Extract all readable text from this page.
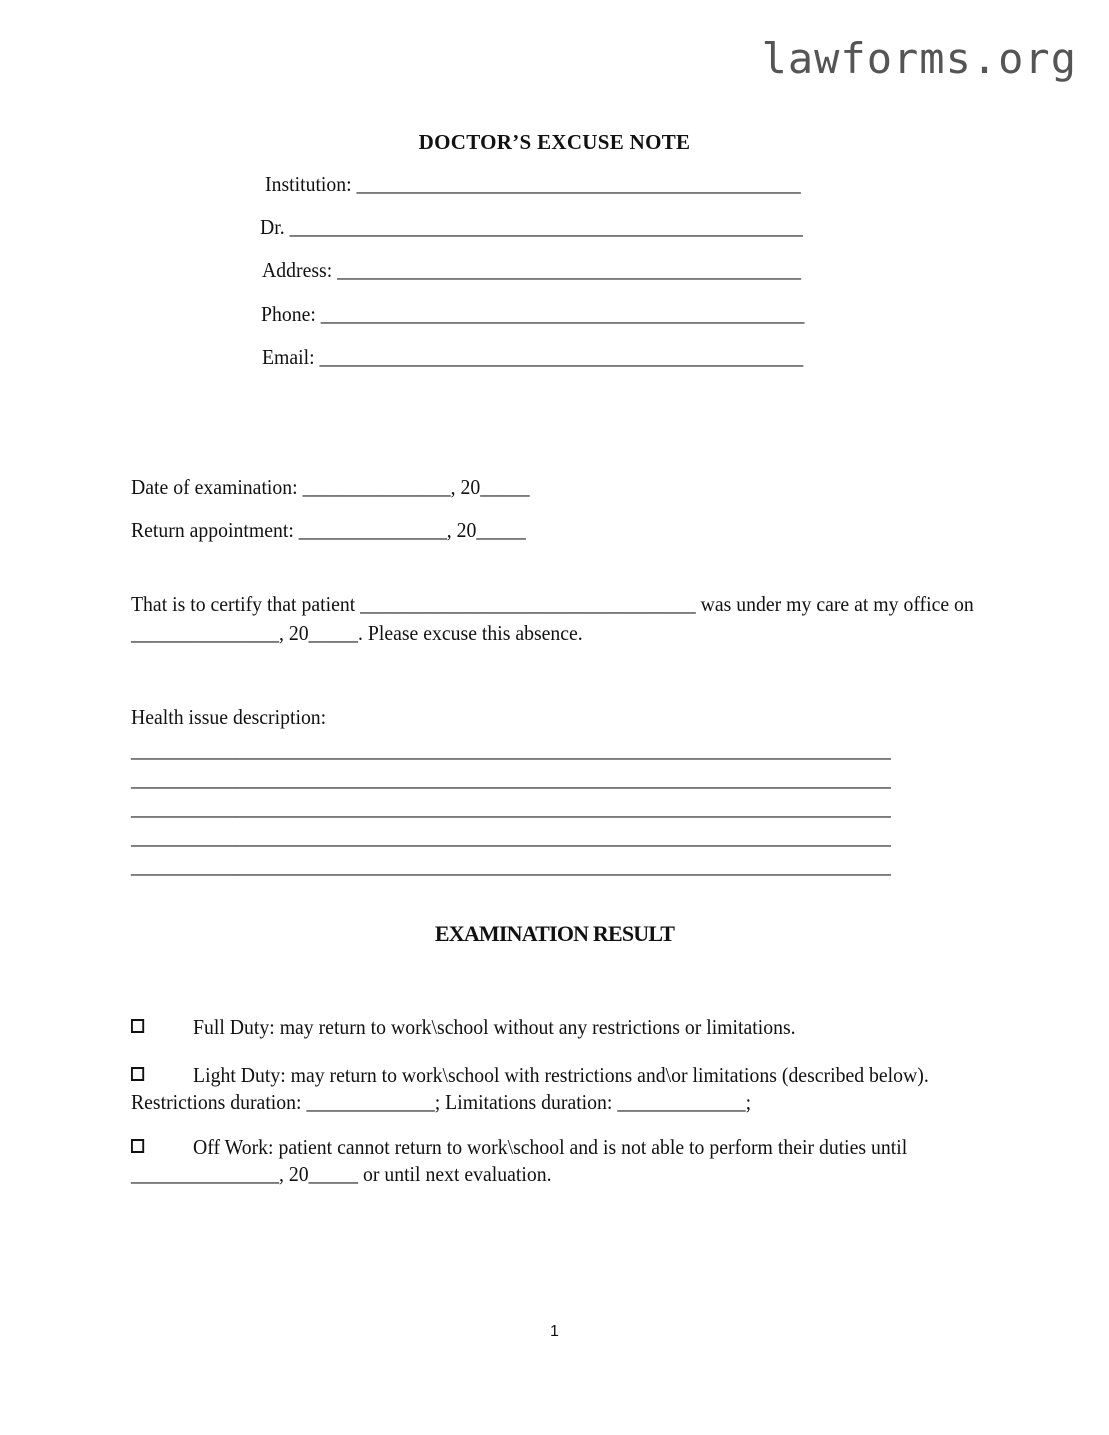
lawforms.org
DOCTOR’S EXCUSE NOTE
Institution: _____________________________________________
Dr. ____________________________________________________
Address: _______________________________________________
Phone: _________________________________________________
Email: _________________________________________________
Date of examination: _______________, 20_____
Return appointment: _______________, 20_____
That is to certify that patient __________________________________ was under my care at my office on _______________, 20_____. Please excuse this absence.
Health issue description:
________________________________________________________________________________
________________________________________________________________________________
________________________________________________________________________________
________________________________________________________________________________
________________________________________________________________________________
EXAMINATION RESULT
Full Duty: may return to work\school without any restrictions or limitations.
Light Duty: may return to work\school with restrictions and\or limitations (described below). Restrictions duration: _____________; Limitations duration: _____________;
Off Work: patient cannot return to work\school and is not able to perform their duties until _______________, 20_____ or until next evaluation.
1
